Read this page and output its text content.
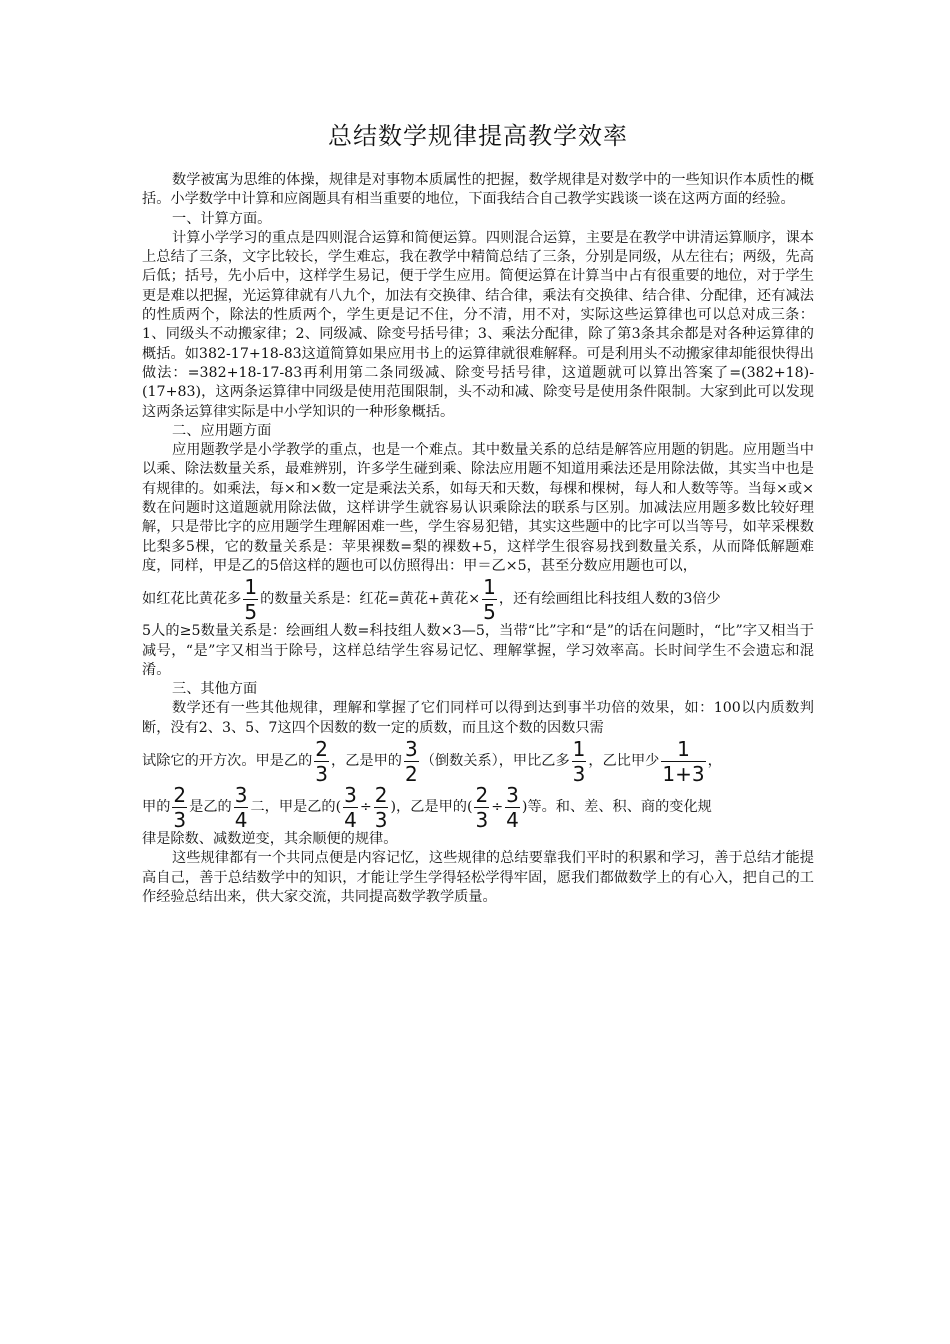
总结数学规律提高教学效率

数学被寓为思维的体操，规律是对事物本质属性的把握，数学规律是对数学中的一些知识作本质性的概括。小学数学中计算和应阁题具有相当重要的地位，下面我结合自己教学实践谈一谈在这两方面的经验。

一、计算方面。

计算小学学习的重点是四则混合运算和简便运算。四则混合运算，主要是在教学中讲清运算顺序，课本上总结了三条，文字比较长，学生难忘，我在教学中精简总结了三条，分别是同级，从左往右；两级，先高后低；括号，先小后中，这样学生易记，便于学生应用。简便运算在计算当中占有很重要的地位，对于学生更是难以把握，光运算律就有八九个，加法有交换律、结合律，乘法有交换律、结合律、分配律，还有减法的性质两个，除法的性质两个，学生更是记不住，分不清，用不对，实际这些运算律也可以总对成三条：1、同级头不动搬家律；2、同级减、除变号括号律；3、乘法分配律，除了第3条其余都是对各种运算律的概括。如382-17+18-83这道简算如果应用书上的运算律就很难解释。可是利用头不动搬家律却能很快得出做法：=382+18-17-83再利用第二条同级减、除变号括号律，这道题就可以算出答案了=(382+18)-(17+83)，这两条运算律中同级是使用范围限制，头不动和减、除变号是使用条件限制。大家到此可以发现这两条运算律实际是中小学知识的一种形象概括。

二、应用题方面

应用题教学是小学教学的重点，也是一个难点。其中数量关系的总结是解答应用题的钥匙。应用题当中以乘、除法数量关系，最难辨别，许多学生碰到乘、除法应用题不知道用乘法还是用除法做，其实当中也是有规律的。如乘法，每×和×数一定是乘法关系，如每天和天数，每棵和棵树，每人和人数等等。当每×或×数在问题时这道题就用除法做，这样讲学生就容易认识乘除法的联系与区别。加减法应用题多数比较好理解，只是带比字的应用题学生理解困难一些，学生容易犯错，其实这些题中的比字可以当等号，如苹采棵数比梨多5棵，它的数量关系是：苹果裸数=梨的裸数+5，这样学生很容易找到数量关系，从而降低解题难度，同样，甲是乙的5倍这样的题也可以仿照得出：甲＝乙×5，甚至分数应用题也可以，

如红花比黄花多 $\frac{1}{5}$ 的数量关系是：红花=黄花+黄花× $\frac{1}{5}$ ，还有绘画组比科技组人数的3倍少

5人的≥5数量关系是：绘画组人数=科技组人数×3—5，当带“比”字和“是”的话在问题时，“比”字又相当于减号，“是”字又相当于除号，这样总结学生容易记忆、理解掌握，学习效率高。长时间学生不会遗忘和混淆。

三、其他方面

数学还有一些其他规律，理解和掌握了它们同样可以得到达到事半功倍的效果，如：100以内质数判断，没有2、3、5、7这四个因数的数一定的质数，而且这个数的因数只需

试除它的开方次。甲是乙的 $\frac{2}{3}$ ，乙是甲的 $\frac{3}{2}$ （倒数关系），甲比乙多 $\frac{1}{3}$ ，乙比甲少 $\frac{1}{1+3}$ ，

甲的 $\frac{2}{3}$ 是乙的 $\frac{3}{4}$ 二，甲是乙的( $\frac{3}{4} \div \frac{2}{3}$ )，乙是甲的( $\frac{2}{3} \div \frac{3}{4}$ )等。和、差、积、商的变化规

律是除数、减数逆变，其余顺便的规律。

这些规律都有一个共同点便是内容记忆，这些规律的总结要靠我们平时的积累和学习，善于总结才能提高自己，善于总结数学中的知识，才能让学生学得轻松学得牢固，愿我们都做数学上的有心入，把自己的工作经验总结出来，供大家交流，共同提高数学教学质量。
